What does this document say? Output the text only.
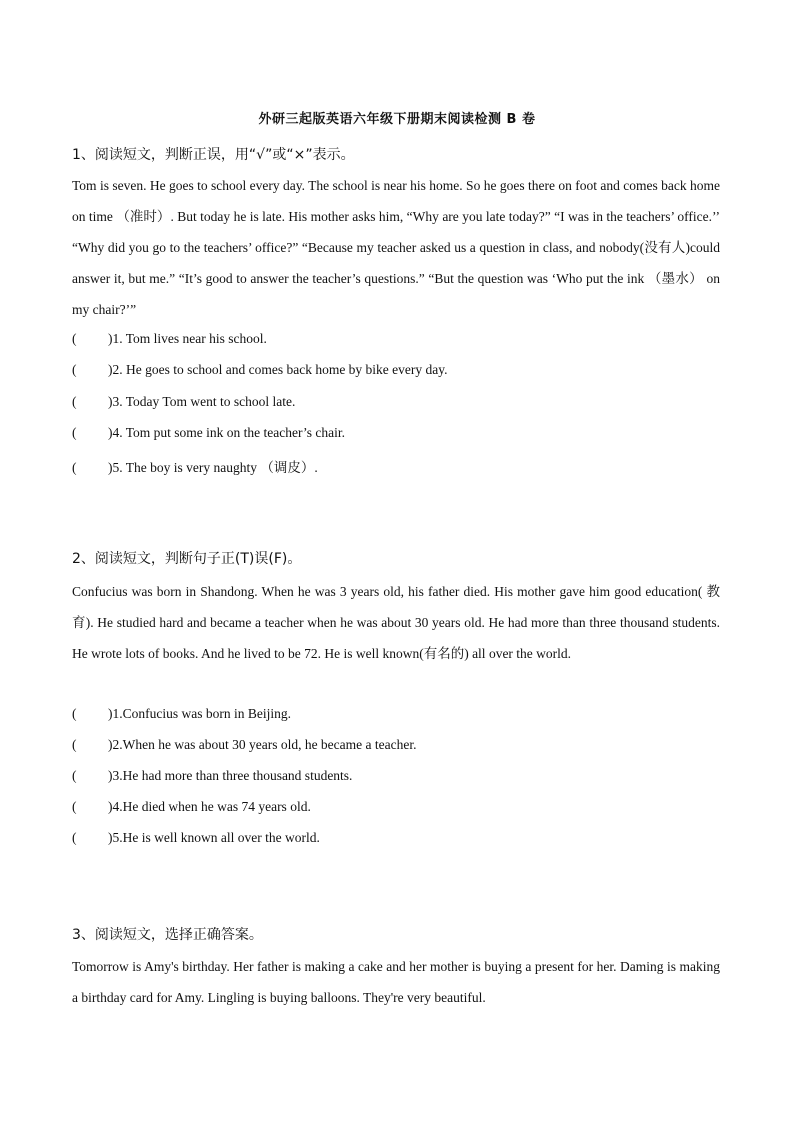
外研三起版英语六年级下册期末阅读检测 B 卷
1、阅读短文，判断正误，用“√”或“×”表示。
Tom is seven. He goes to school every day. The school is near his home. So he goes there on foot and comes back home on time （准时）. But today he is late. His mother asks him, “Why are you late today?” “I was in the teachers’ office.’’ “Why did you go to the teachers’ office?” “Because my teacher asked us a question in class, and nobody(没有人)could answer it, but me.” “It’s good to answer the teacher’s questions.” “But the question was ‘Who put the ink （墨水） on my chair?’”
( )1. Tom lives near his school.
( )2. He goes to school and comes back home by bike every day.
( )3. Today Tom went to school late.
( )4. Tom put some ink on the teacher’s chair.
( )5. The boy is very naughty （调皮）.
2、阅读短文，判断句子正(T)误(F)。
Confucius was born in Shandong. When he was 3 years old, his father died. His mother gave him good education( 教育). He studied hard and became a teacher when he was about 30 years old. He had more than three thousand students. He wrote lots of books. And he lived to be 72. He is well known(有名的) all over the world.
( )1.Confucius was born in Beijing.
( )2.When he was about 30 years old, he became a teacher.
( )3.He had more than three thousand students.
( )4.He died when he was 74 years old.
( )5.He is well known all over the world.
3、阅读短文，选择正确答案。
Tomorrow is Amy's birthday. Her father is making a cake and her mother is buying a present for her. Daming is making a birthday card for Amy. Lingling is buying balloons. They're very beautiful.
